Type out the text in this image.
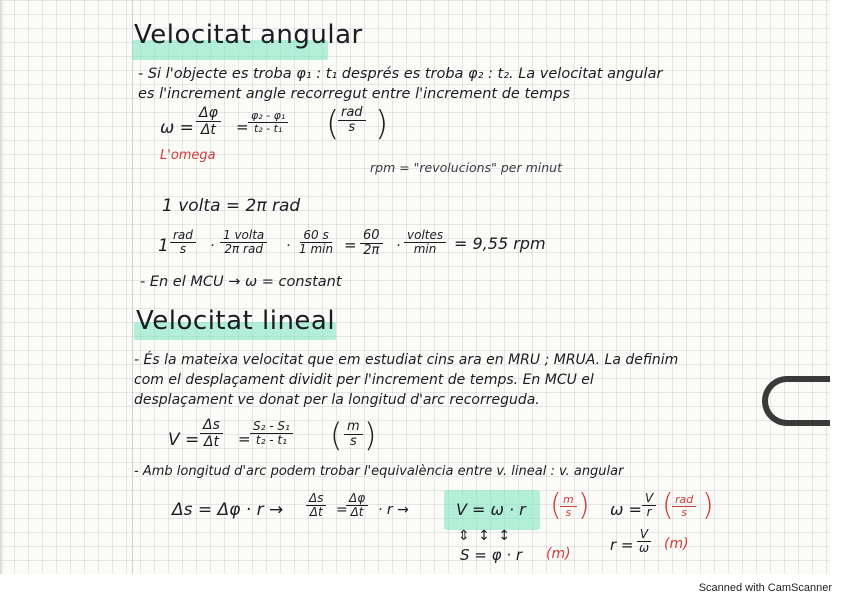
Velocitat angular
- Si l'objecte es troba φ₁ : t₁ després es troba φ₂ : t₂. La velocitat angular
es l'increment angle recorregut entre l'increment de temps
$\omega = \frac{\Delta\varphi}{\Delta t} = \frac{\text{φ₂ - φ₁}}{\text{t₂ - t₁}}$ ( rad
s )
L'omega
rpm = "revolucions" per minut
1 volta = 2π rad
1
rad
s ·
1 volta
2π rad ·
60 s
1 $\min = \frac{60}{2\pi}$ ·
voltes
min = 9,55 rpm
- En el MCU → ω = constant
Velocitat lineal
- És la mateixa velocitat que em estudiat cins ara en MRU ; MRUA. La definim
com el desplaçament dividit per l'increment de temps. En MCU el
desplaçament ve donat per la longitud d'arc recorreguda.
$V = \frac{\Delta s}{\Delta t} = \frac{\text{S₂ - S₁}}{\text{t₂ - t₁}}$ ( $\frac{m}{s}$ )
- Amb longitud d'arc podem trobar l'equivalència entre v. lineal : v. angular
$\Delta s = \Delta\varphi \cdot r \to \frac{\Delta s}{\Delta t}$ =
$\frac{\Delta\varphi}{\Delta t} \cdot r$ →	V = ω · r (
$\frac{m}{s}$ ) $\omega = \frac{V}{r}$ ( rad
s )
$r = \frac{V}{\omega} (m)$
⇕ ↕ ↕
S = φ · r (m)
Scanned with CamScanner
